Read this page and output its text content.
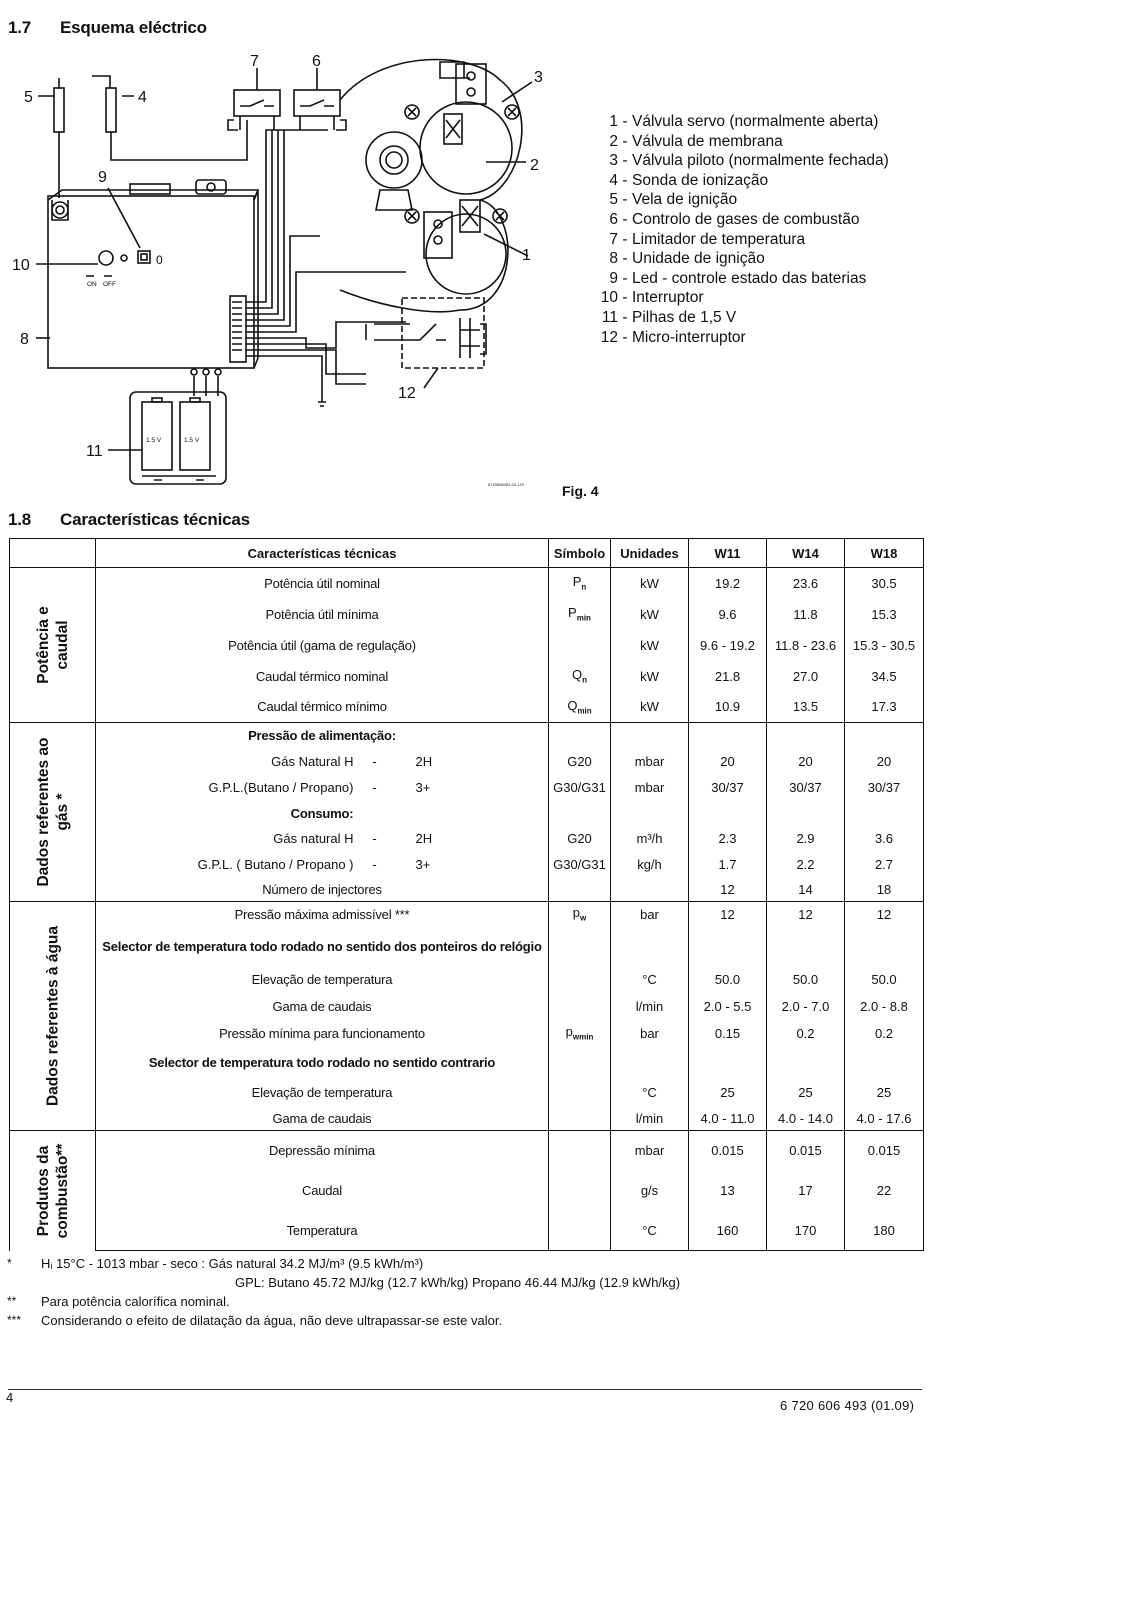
1.7 Esquema eléctrico
1
2
3
4
5
6
7
8
9
10
11
12
1.5 V	1.5 V
ON OFF
0
6720606493-03.1JS	Fig. 4
1 - Válvula servo (normalmente aberta)
2 - Válvula de membrana
3 - Válvula piloto (normalmente fechada)
4 - Sonda de ionização
5 - Vela de ignição
6 - Controlo de gases de combustão
7 - Limitador de temperatura
8 - Unidade de ignição
9 - Led - controle estado das baterias
10 - Interruptor
11 - Pilhas de 1,5 V
12 - Micro-interruptor
1.8 Características técnicas
	Características técnicas	Símbolo	Unidades	W11	W14	W18

Potência e caudal	Potência útil nominal	$P_n$	kW	19.2	23.6	30.5
	Potência útil mínima	$P_{min}$	kW	9.6	11.8	15.3
	Potência útil (gama de regulação)		kW	9.6 - 19.2	11.8 - 23.6	15.3 - 30.5
	Caudal térmico nominal	$Q_n$	kW	21.8	27.0	34.5
	Caudal térmico mínimo	$Q_{min}$	kW	10.9	13.5	17.3

Dados referentes ao gás *	Pressão de alimentação:					

	Gás Natural H - 2H	G20	mbar	20	20	20

	G.P.L.(Butano / Propano) - 3+	G30/G31	mbar	30/37	30/37	30/37
	Consumo:					

	Gás natural H - 2H	G20	m³/h	2.3	2.9	3.6

	G.P.L. ( Butano / Propano ) - 3+	G30/G31	kg/h	1.7	2.2	2.7
	Número de injectores			12	14	18

Dados referentes à água	Pressão máxima admissível ***	$p_w$	bar	12	12	12
	Selector de temperatura todo rodado no sentido dos ponteiros do relógio					
	Elevação de temperatura		°C	50.0	50.0	50.0
	Gama de caudais		l/min	2.0 - 5.5	2.0 - 7.0	2.0 - 8.8
	Pressão mínima para funcionamento	$p_{wmin}$	bar	0.15	0.2	0.2
	Selector de temperatura todo rodado no sentido contrario					
	Elevação de temperatura		°C	25	25	25
	Gama de caudais		l/min	4.0 - 11.0	4.0 - 14.0	4.0 - 17.6

Produtos da combustão**	Depressão mínima		mbar	0.015	0.015	0.015
	Caudal		g/s	13	17	22
	Temperatura		°C	160	170	180
*	Hᵢ 15°C - 1013 mbar - seco : Gás natural 34.2 MJ/m³ (9.5 kWh/m³)
GPL: Butano 45.72 MJ/kg (12.7 kWh/kg) Propano 46.44 MJ/kg (12.9 kWh/kg)
**	Para potência calorífica nominal.
***	Considerando o efeito de dilatação da água, não deve ultrapassar-se este valor.
4
6 720 606 493 (01.09)
